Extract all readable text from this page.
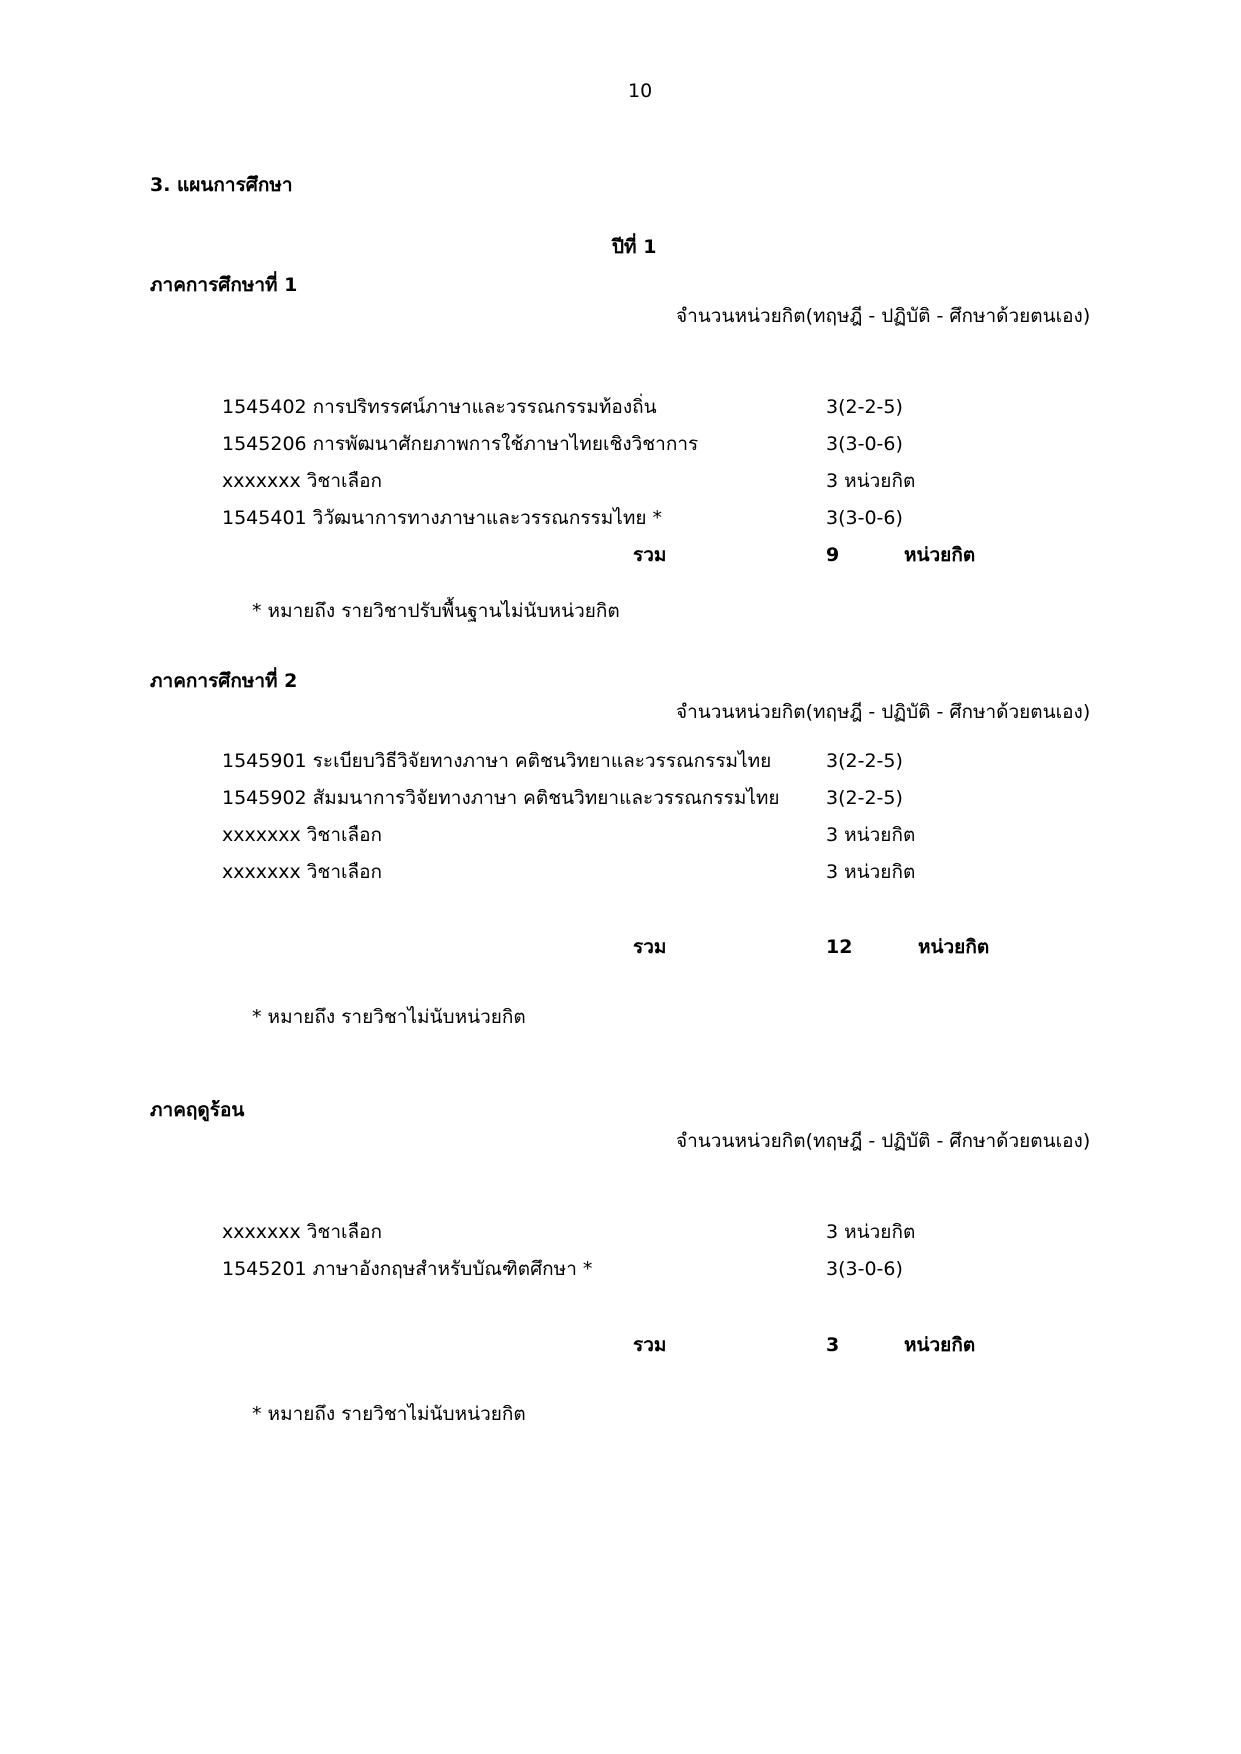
10
3. แผนการศึกษา
ปีที่ 1
ภาคการศึกษาที่ 1
จำนวนหน่วยกิต(ทฤษฎี - ปฏิบัติ - ศึกษาด้วยตนเอง)
1545402 การปริทรรศน์ภาษาและวรรณกรรมท้องถิ่น	3(2-2-5)
1545206 การพัฒนาศักยภาพการใช้ภาษาไทยเชิงวิชาการ	3(3-0-6)
xxxxxxx วิชาเลือก	3 หน่วยกิต
1545401 วิวัฒนาการทางภาษาและวรรณกรรมไทย *	3(3-0-6)
รวม	9	หน่วยกิต
* หมายถึง รายวิชาปรับพื้นฐานไม่นับหน่วยกิต
ภาคการศึกษาที่ 2
จำนวนหน่วยกิต(ทฤษฎี - ปฏิบัติ - ศึกษาด้วยตนเอง)
1545901 ระเบียบวิธีวิจัยทางภาษา คติชนวิทยาและวรรณกรรมไทย	3(2-2-5)
1545902 สัมมนาการวิจัยทางภาษา คติชนวิทยาและวรรณกรรมไทย 3(2-2-5)
xxxxxxx วิชาเลือก	3 หน่วยกิต
xxxxxxx วิชาเลือก	3 หน่วยกิต
รวม	12	หน่วยกิต
* หมายถึง รายวิชาไม่นับหน่วยกิต
ภาคฤดูร้อน
จำนวนหน่วยกิต(ทฤษฎี - ปฏิบัติ - ศึกษาด้วยตนเอง)
xxxxxxx วิชาเลือก	3 หน่วยกิต
1545201 ภาษาอังกฤษสำหรับบัณฑิตศึกษา *	3(3-0-6)
รวม	3	หน่วยกิต
* หมายถึง รายวิชาไม่นับหน่วยกิต
